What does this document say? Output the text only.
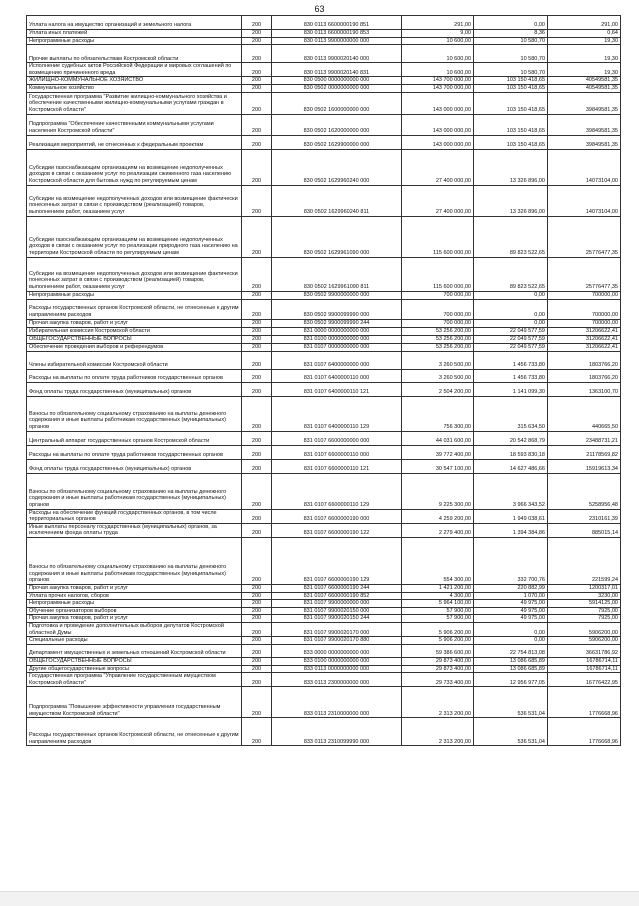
63
Уплата налога на имущество организаций и земельного налога	200	830 0113 6600000190 851	291,00	0,00	291,00
Уплата иных платежей	200	830 0113 6600000190 853	9,00	8,36	0,64
Непрограммные расходы	200	830 0113 9900000000 000	10 600,00	10 580,70	19,30
Прочие выплаты по обязательствам Костромской области	200	830 0113 9900020140 000	10 600,00	10 580,70	19,30
Исполнение судебных актов Российской Федерации и мировых соглашений по возмещению причиненного вреда	200	830 0113 9900020140 831	10 600,00	10 580,70	19,30
ЖИЛИЩНО-КОММУНАЛЬНОЕ ХОЗЯЙСТВО	200	830 0500 0000000000 000	143 700 000,00	103 150 418,65	40549581,35
Коммунальное хозяйство	200	830 0502 0000000000 000	143 700 000,00	103 150 418,65	40549581,35
Государственная программа "Развитие жилищно-коммунального хозяйства и обеспечение качественными жилищно-коммунальными услугами граждан в Костромской области"	200	830 0502 1600000000 000	143 000 000,00	103 150 418,65	39849581,35
Подпрограмма "Обеспечение качественными коммунальными услугами населения Костромской области"	200	830 0502 1620000000 000	143 000 000,00	103 150 418,65	39849581,35
Реализация мероприятий, не отнесенных к федеральным проектам	200	830 0502 1629900000 000	143 000 000,00	103 150 418,65	39849581,35
Субсидии газоснабжающим организациям на возмещение недополученных доходов в связи с оказанием услуг по реализации сжиженного газа населению Костромской области для бытовых нужд по регулируемым ценам	200	830 0502 1629960240 000	27 400 000,00	13 326 896,00	14073104,00
Субсидии на возмещение недополученных доходов или возмещение фактически понесенных затрат в связи с производством (реализацией) товаров, выполнением работ, оказанием услуг	200	830 0502 1629960240 811	27 400 000,00	13 326 896,00	14073104,00
Субсидии газоснабжающим организациям на возмещение недополученных доходов в связи с оказанием услуг по реализации природного газа населению на территории Костромской области по регулируемым ценам	200	830 0502 1629961090 000	115 600 000,00	89 823 522,65	25776477,35
Субсидии на возмещение недополученных доходов или возмещение фактически понесенных затрат в связи с производством (реализацией) товаров, выполнением работ, оказанием услуг	200	830 0502 1629961090 811	115 600 000,00	89 823 522,65	25776477,35
Непрограммные расходы	200	830 0502 9900000000 000	700 000,00	0,00	700000,00
Расходы государственных органов Костромской области, не отнесенные к другим направлениям расходов	200	830 0502 9900099990 000	700 000,00	0,00	700000,00
Прочая закупка товаров, работ и услуг	200	830 0502 9900099990 244	700 000,00	0,00	700000,00
Избирательная комиссия Костромской области	200	831 0000 0000000000 000	53 256 200,00	22 049 577,59	31206622,41
ОБЩЕГОСУДАРСТВЕННЫЕ ВОПРОСЫ	200	831 0100 0000000000 000	53 256 200,00	22 049 577,59	31206622,41
Обеспечение проведения выборов и референдумов	200	831 0107 0000000000 000	53 256 200,00	22 049 577,59	31206622,41
Члены избирательной комиссии Костромской области	200	831 0107 6400000000 000	3 260 500,00	1 456 733,80	1803766,20
Расходы на выплаты по оплате труда работников государственных органов	200	831 0107 6400000110 000	3 260 500,00	1 456 733,80	1803766,20
Фонд оплаты труда государственных (муниципальных) органов	200	831 0107 6400000110 121	2 504 200,00	1 141 099,30	1363100,70
Взносы по обязательному социальному страхованию на выплаты денежного содержания и иные выплаты работникам государственных (муниципальных) органов	200	831 0107 6400000110 129	756 300,00	315 634,50	440665,50
Центральный аппарат государственных органов Костромской области	200	831 0107 6600000000 000	44 031 600,00	20 542 868,79	23488731,21
Расходы на выплаты по оплате труда работников государственных органов	200	831 0107 6600000110 000	39 772 400,00	18 593 830,18	21178569,82
Фонд оплаты труда государственных (муниципальных) органов	200	831 0107 6600000110 121	30 547 100,00	14 627 486,66	15919613,34
Взносы по обязательному социальному страхованию на выплаты денежного содержания и иные выплаты работникам государственных (муниципальных) органов	200	831 0107 6600000110 129	9 225 300,00	3 966 343,52	5258956,48
Расходы на обеспечение функций государственных органов, в том числе территориальных органов	200	831 0107 6600000190 000	4 259 200,00	1 949 038,61	2310161,39
Иные выплаты персоналу государственных (муниципальных) органов, за исключением фонда оплаты труда	200	831 0107 6600000190 122	2 279 400,00	1 394 384,86	885015,14
Взносы по обязательному социальному страхованию на выплаты денежного содержания и иные выплаты работникам государственных (муниципальных) органов	200	831 0107 6600000190 129	554 300,00	332 700,76	221599,24
Прочая закупка товаров, работ и услуг	200	831 0107 6600000190 244	1 421 200,00	220 882,99	1200317,01
Уплата прочих налогов, сборов	200	831 0107 6600000190 852	4 300,00	1 070,00	3230,00
Непрограммные расходы	200	831 0107 9900000000 000	5 964 100,00	49 975,00	5914125,00
Обучение организаторов выборов	200	831 0107 9900020150 000	57 900,00	49 975,00	7925,00
Прочая закупка товаров, работ и услуг	200	831 0107 9900020150 244	57 900,00	49 975,00	7925,00
Подготовка и проведение дополнительных выборов депутатов Костромской областной Думы	200	831 0107 9900020170 000	5 906 200,00	0,00	5906200,00
Специальные расходы	200	831 0107 9900020170 880	5 906 200,00	0,00	5906200,00
Департамент имущественных и земельных отношений Костромской области	200	833 0000 0000000000 000	59 386 600,00	22 754 813,08	36631786,92
ОБЩЕГОСУДАРСТВЕННЫЕ ВОПРОСЫ	200	833 0100 0000000000 000	29 873 400,00	13 086 685,89	16786714,11
Другие общегосударственные вопросы	200	833 0113 0000000000 000	29 873 400,00	13 086 685,89	16786714,11
Государственная программа "Управление государственным имуществом Костромской области"	200	833 0113 2300000000 000	29 733 400,00	12 956 977,05	16776422,95
Подпрограмма "Повышение эффективности управления государственным имуществом Костромской области"	200	833 0113 2310000000 000	2 313 200,00	536 531,04	1776668,96
Расходы государственных органов Костромской области, не отнесенные к другим направлениям расходов	200	833 0113 2310099990 000	2 313 200,00	536 531,04	1776668,96
